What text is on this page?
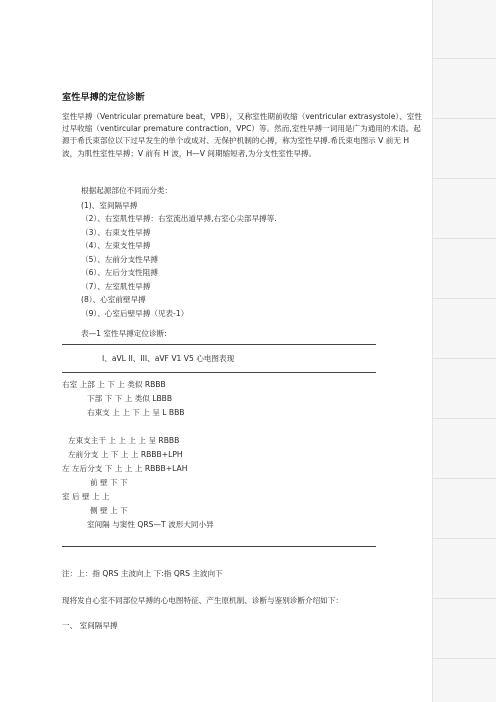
室性早搏的定位诊断
室性早搏（Ventricular premature beat，VPB），又称室性期前收缩（ventricular extrasystole）、室性过早收缩（ventircular premature contraction，VPC）等。然而,室性早搏一词用是广为通用的术语。起源于希氏束部位以下过早发生的单个或成对、无保护机制的心搏，称为室性早搏.希氏束电图示 V 前无 H 波，为肌性室性早搏；V 前有 H 波，H—V 间期缩短者,为分支性室性早搏。
根据起源部位不同而分类：
(1)、室间隔早搏
（2）、右室肌性早搏：右室流出道早搏,右室心尖部早搏等.
（3）、右束支性早搏
（4）、左束支性早搏
（5）、左前分支性早搏
（6）、左后分支性阻搏
（7）、左室肌性早搏
(8）、心室前壁早搏
（9）、心室后壁早搏（见表-1）
表—1 室性早搏定位诊断:
I、aVL II、III、aVF V1 V5 心电图表现
右室 上部 上 下 上 类似 RBBB
下部 下 下 上 类似 LBBB
右束支 上 上 下 上 呈 L BBB
左束支主干 上 上 上 上 呈 RBBB
左前分支 上 下 上 上 RBBB+LPH
左 左后分支 下 上 上 上 RBBB+LAH
前 壁 下 下
室 后 壁 上 上
侧 壁 上 下
室间隔 与窦性 QRS—T 波形大同小异
注：上：指 QRS 主波向上 下:指 QRS 主波向下
现将发自心室不同部位早搏的心电图特征、产生原机制、诊断与鉴别诊断介绍如下：
一、 室间隔早搏
